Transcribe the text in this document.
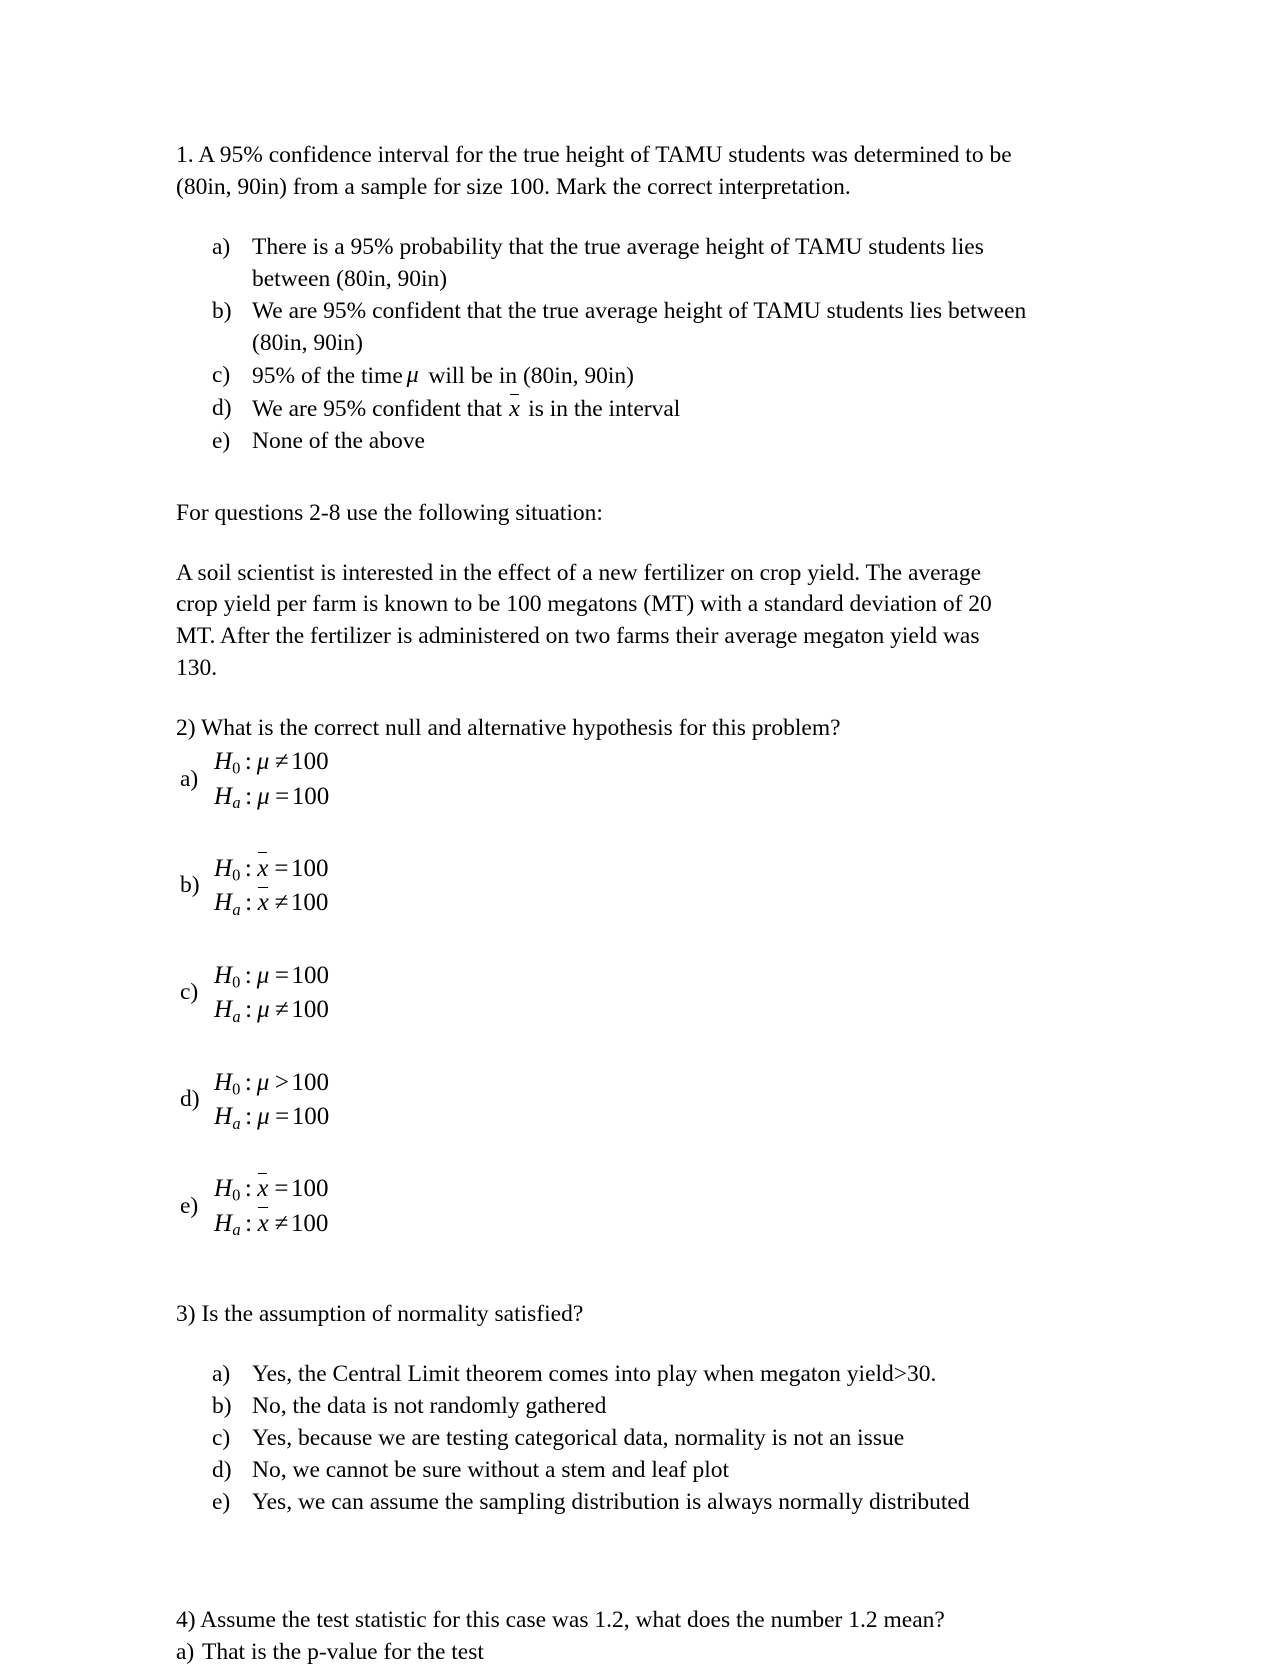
1. A 95% confidence interval for the true height of TAMU students was determined to be

(80in, 90in) from a sample for size 100. Mark the correct interpretation.

a) There is a 95% probability that the true average height of TAMU students lies between (80in, 90in)
b) We are 95% confident that the true average height of TAMU students lies between (80in, 90in)
c) 95% of the time μ will be in (80in, 90in)
d) We are 95% confident that x is in the interval
e) None of the above

For questions 2-8 use the following situation:

A soil scientist is interested in the effect of a new fertilizer on crop yield. The average

crop yield per farm is known to be 100 megatons (MT) with a standard deviation of 20

MT. After the fertilizer is administered on two farms their average megaton yield was

130.

2) What is the correct null and alternative hypothesis for this problem?

a)
H0 : μ ≠ 100
Ha : μ = 100
b)
H0 : x = 100
Ha : x ≠ 100
c)
H0 : μ = 100
Ha : μ ≠ 100
d)
H0 : μ > 100
Ha : μ = 100
e)
H0 : x = 100
Ha : x ≠ 100

3) Is the assumption of normality satisfied?

a) Yes, the Central Limit theorem comes into play when megaton yield>30.
b) No, the data is not randomly gathered
c) Yes, because we are testing categorical data, normality is not an issue
d) No, we cannot be sure without a stem and leaf plot
e) Yes, we can assume the sampling distribution is always normally distributed

4) Assume the test statistic for this case was 1.2, what does the number 1.2 mean?

a) That is the p-value for the test
